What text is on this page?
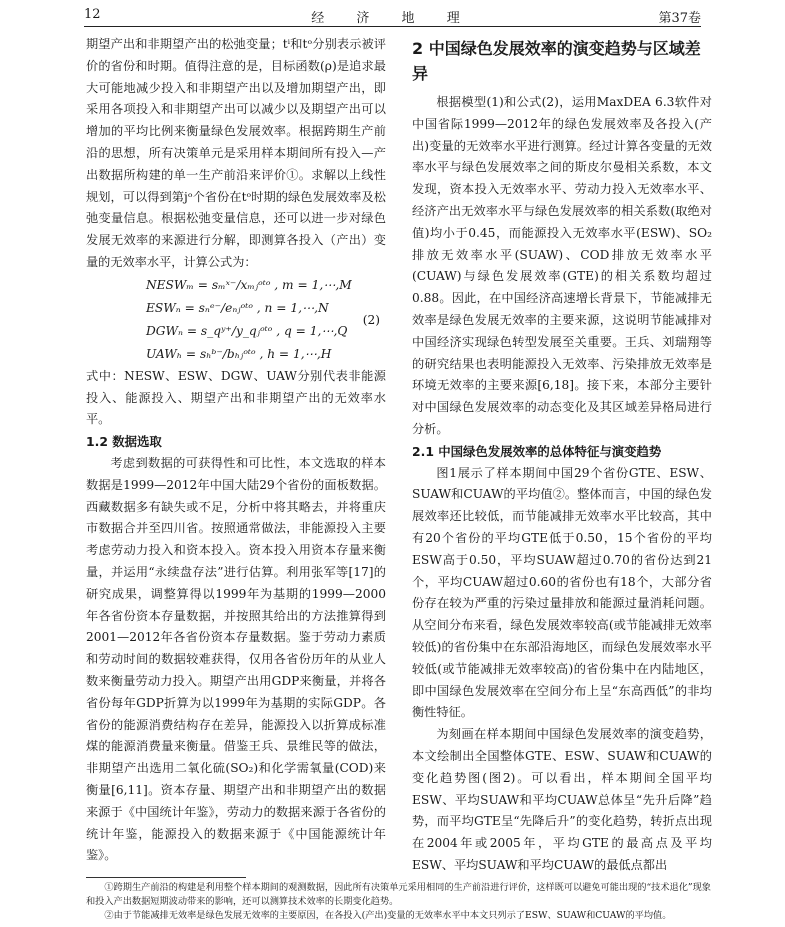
12	经 济 地 理	第37卷

期望产出和非期望产出的松弛变量；tⁱ和tᵒ分别表示被评价的省份和时期。值得注意的是，目标函数(ρ)是追求最大可能地减少投入和非期望产出以及增加期望产出，即采用各项投入和非期望产出可以减少以及期望产出可以增加的平均比例来衡量绿色发展效率。根据跨期生产前沿的思想，所有决策单元是采用样本期间所有投入—产出数据所构建的单一生产前沿来评价①。求解以上线性规划，可以得到第jᵒ个省份在tᵒ时期的绿色发展效率及松弛变量信息。根据松弛变量信息，还可以进一步对绿色发展无效率的来源进行分解，即测算各投入（产出）变量的无效率水平，计算公式为：

NESWₘ = sₘˣ⁻/xₘⱼᵒᵗᵒ , m = 1,⋯,M
ESWₙ = sₙᵉ⁻/eₙⱼᵒᵗᵒ , n = 1,⋯,N
DGWₙ = s_qʸ⁺/y_qⱼᵒᵗᵒ , q = 1,⋯,Q
UAWₕ = sₕᵇ⁻/bₕⱼᵒᵗᵒ , h = 1,⋯,H
(2)

式中：NESW、ESW、DGW、UAW分别代表非能源投入、能源投入、期望产出和非期望产出的无效率水平。

1.2 数据选取

考虑到数据的可获得性和可比性，本文选取的样本数据是1999—2012年中国大陆29个省份的面板数据。西藏数据多有缺失或不足，分析中将其略去，并将重庆市数据合并至四川省。按照通常做法，非能源投入主要考虑劳动力投入和资本投入。资本投入用资本存量来衡量，并运用“永续盘存法”进行估算。利用张军等[17]的研究成果，调整算得以1999年为基期的1999—2000年各省份资本存量数据，并按照其给出的方法推算得到2001—2012年各省份资本存量数据。鉴于劳动力素质和劳动时间的数据较难获得，仅用各省份历年的从业人数来衡量劳动力投入。期望产出用GDP来衡量，并将各省份每年GDP折算为以1999年为基期的实际GDP。各省份的能源消费结构存在差异，能源投入以折算成标准煤的能源消费量来衡量。借鉴王兵、景维民等的做法，非期望产出选用二氧化硫(SO₂)和化学需氧量(COD)来衡量[6,11]。资本存量、期望产出和非期望产出的数据来源于《中国统计年鉴》，劳动力的数据来源于各省份的统计年鉴，能源投入的数据来源于《中国能源统计年鉴》。

2 中国绿色发展效率的演变趋势与区域差异

根据模型(1)和公式(2)，运用MaxDEA 6.3软件对中国省际1999—2012年的绿色发展效率及各投入(产出)变量的无效率水平进行测算。经过计算各变量的无效率水平与绿色发展效率之间的斯皮尔曼相关系数，本文发现，资本投入无效率水平、劳动力投入无效率水平、经济产出无效率水平与绿色发展效率的相关系数(取绝对值)均小于0.45，而能源投入无效率水平(ESW)、SO₂排放无效率水平(SUAW)、COD排放无效率水平(CUAW)与绿色发展效率(GTE)的相关系数均超过0.88。因此，在中国经济高速增长背景下，节能减排无效率是绿色发展无效率的主要来源，这说明节能减排对中国经济实现绿色转型发展至关重要。王兵、刘瑞翔等的研究结果也表明能源投入无效率、污染排放无效率是环境无效率的主要来源[6,18]。接下来，本部分主要针对中国绿色发展效率的动态变化及其区域差异格局进行分析。

2.1 中国绿色发展效率的总体特征与演变趋势

图1展示了样本期间中国29个省份GTE、ESW、SUAW和CUAW的平均值②。整体而言，中国的绿色发展效率还比较低，而节能减排无效率水平比较高，其中有20个省份的平均GTE低于0.50，15个省份的平均ESW高于0.50，平均SUAW超过0.70的省份达到21个，平均CUAW超过0.60的省份也有18个，大部分省份存在较为严重的污染过量排放和能源过量消耗问题。从空间分布来看，绿色发展效率较高(或节能减排无效率较低)的省份集中在东部沿海地区，而绿色发展效率水平较低(或节能减排无效率较高)的省份集中在内陆地区，即中国绿色发展效率在空间分布上呈“东高西低”的非均衡性特征。

为刻画在样本期间中国绿色发展效率的演变趋势，本文绘制出全国整体GTE、ESW、SUAW和CUAW的变化趋势图(图2)。可以看出，样本期间全国平均ESW、平均SUAW和平均CUAW总体呈“先升后降”趋势，而平均GTE呈“先降后升”的变化趋势，转折点出现在2004年或2005年，平均GTE的最高点及平均ESW、平均SUAW和平均CUAW的最低点都出

①跨期生产前沿的构建是利用整个样本期间的观测数据，因此所有决策单元采用相同的生产前沿进行评价，这样既可以避免可能出现的“技术退化”现象和投入产出数据短期波动带来的影响，还可以测算技术效率的长期变化趋势。

②由于节能减排无效率是绿色发展无效率的主要原因，在各投入(产出)变量的无效率水平中本文只列示了ESW、SUAW和CUAW的平均值。
